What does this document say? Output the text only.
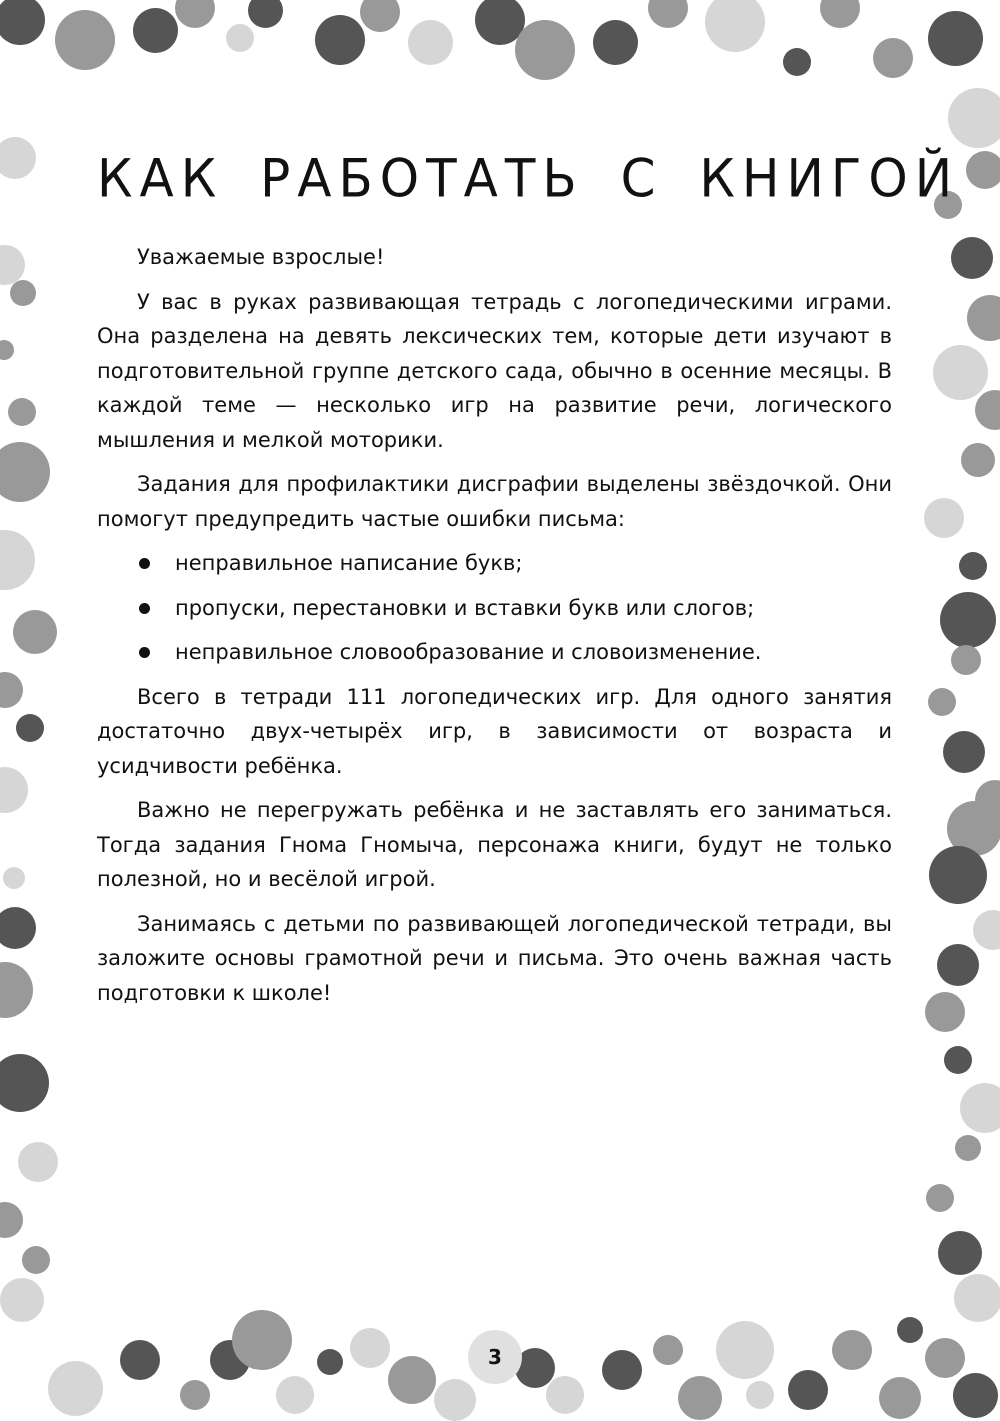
КАК РАБОТАТЬ С КНИГОЙ

Уважаемые взрослые!

У вас в руках развивающая тетрадь с логопедическими играми. Она разделена на девять лексических тем, которые дети изучают в подготовительной группе детского сада, обычно в осенние месяцы. В каждой теме — несколько игр на развитие речи, логического мышления и мелкой моторики.

Задания для профилактики дисграфии выделены звёздочкой. Они помогут предупредить частые ошибки письма:

неправильное написание букв;
пропуски, перестановки и вставки букв или слогов;
неправильное словообразование и словоизменение.

Всего в тетради 111 логопедических игр. Для одного занятия достаточно двух-четырёх игр, в зависимости от возраста и усидчивости ребёнка.

Важно не перегружать ребёнка и не заставлять его заниматься. Тогда задания Гнома Гномыча, персонажа книги, будут не только полезной, но и весёлой игрой.

Занимаясь с детьми по развивающей логопедической тетради, вы заложите основы грамотной речи и письма. Это очень важная часть подготовки к школе!

3
